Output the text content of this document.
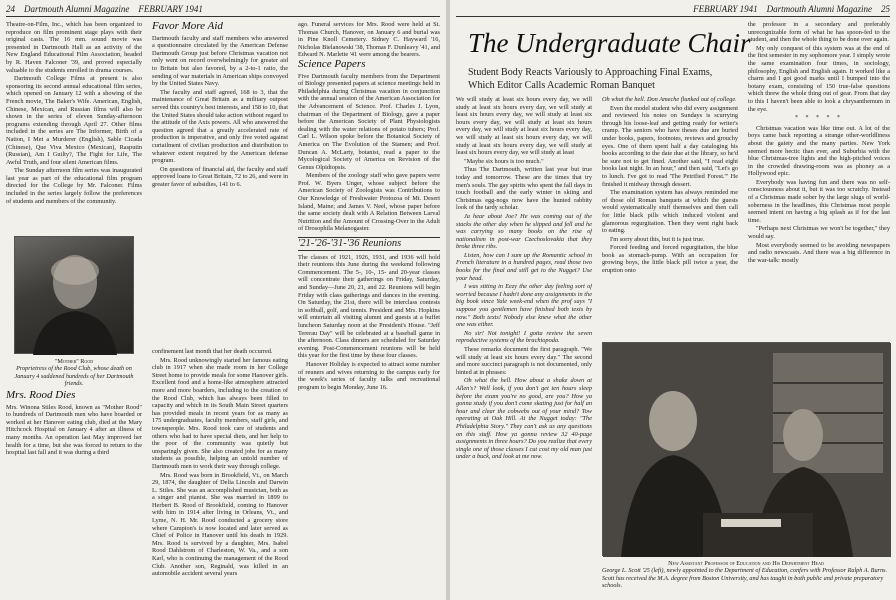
24 Dartmouth Alumni Magazine FEBRUARY 1941

Theatre-on-Film, Inc., which has been organized to reproduce on film prominent stage plays with their original casts. The 16 mm. sound movie was presented in Dartmouth Hall as an activity of the New England Educational Film Association, headed by R. Haven Falconer '39, and proved especially valuable to the students enrolled in drama courses.

Dartmouth College Films at present is also sponsoring its second annual educational film series, which opened on January 12 with a showing of the French movie, The Baker's Wife. American, English, Chinese, Mexican, and Russian films will also be shown in the series of eleven Sunday-afternoon programs extending through April 27. Other films included in the series are The Informer, Birth of a Nation, I Met a Murderer (English), Sable Cicada (Chinese), Que Viva Mexico (Mexican), Rasputin (Russian), Am I Guilty?, The Fight for Life, The Awful Truth, and four silent American films.

The Sunday afternoon film series was inaugurated last year as part of the educational film program directed for the College by Mr. Falconer. Films included in the series largely follow the preferences of students and members of the community.

"Mother" Rood
Proprietress of the Rood Club, whose death on January 4 saddened hundreds of her Dartmouth friends.
Mrs. Rood Dies

Mrs. Winona Stiles Rood, known as "Mother Rood" to hundreds of Dartmouth men who have boarded or worked at her Hanover eating club, died at the Mary Hitchcock Hospital on January 4 after an illness of many months. An operation last May improved her health for a time, but she was forced to return to the hospital last fall and it was during a third

Favor More Aid

Dartmouth faculty and staff members who answered a questionnaire circulated by the American Defense Dartmouth Group just before Christmas vacation not only went on record overwhelmingly for greater aid to Britain but also favored, by a 2-to-1 ratio, the sending of war materials in American ships convoyed by the United States Navy.

The faculty and staff agreed, 168 to 3, that the maintenance of Great Britain as a military outpost served this country's best interests, and 158 to 10, that the United States should take action without regard to the attitude of the Axis powers. All who answered the question agreed that a greatly accelerated rate of production is imperative, and only five voted against curtailment of civilian production and distribution to whatever extent required by the American defense program.

On questions of financial aid, the faculty and staff approved loans to Great Britain, 72 to 26, and were in greater favor of subsidies, 141 to 6.

confinement last month that her death occurred.

Mrs. Rood unknowingly started her famous eating club in 1917 when she made room in her College Street home to provide meals for some Hanover girls. Excellent food and a home-like atmosphere attracted more and more boarders, including to the creation of the Rood Club, which has always been filled to capacity and which in its South Main Street quarters has provided meals in recent years for as many as 175 undergraduates, faculty members, staff girls, and townspeople. Mrs. Rood took care of students and others who had to have special diets, and her help to the poor of the community was quietly but unsparingly given. She also created jobs for as many students as possible, helping an untold number of Dartmouth men to work their way through college.

Mrs. Rood was born in Brookfield, Vt., on March 29, 1874, the daughter of Delia Lincoln and Darwin L. Stiles. She was an accomplished musician, both as a singer and pianist. She was married in 1899 to Herbert B. Rood of Brookfield, coming to Hanover with him in 1914 after living in Orleans, Vt., and Lyme, N. H. Mr. Rood conducted a grocery store where Campion's is now located and later served as Chief of Police in Hanover until his death in 1929. Mrs. Rood is survived by a daughter, Mrs. Isabel Rood Dahlstrom of Charleston, W. Va., and a son Karl, who is continuing the management of the Rood Club. Another son, Reginald, was killed in an automobile accident several years

ago. Funeral services for Mrs. Rood were held at St. Thomas Church, Hanover, on January 6 and burial was in Pine Knoll Cemetery. Sidney C. Hayward '16, Nicholas Bielanowski '38, Thomas F. Dunleavy '41, and Edward N. Marlette '41 were among the bearers.

Science Papers

Five Dartmouth faculty members from the Department of Biology presented papers at science meetings held in Philadelphia during Christmas vacation in conjunction with the annual session of the American Association for the Advancement of Science. Prof. Charles J. Lyon, chairman of the Department of Biology, gave a paper before the American Society of Plant Physiologists dealing with the water relations of potato tubers; Prof. Carl L. Wilson spoke before the Botanical Society of America on The Evolution of the Stamen; and Prof. Duncan A. McLarty, botanist, read a paper to the Mycological Society of America on Revision of the Genus Olpidiopsis.

Members of the zoology staff who gave papers were Prof. W. Byers Unger, whose subject before the American Society of Zoologists was Contributions to Our Knowledge of Freshwater Protozoa of Mt. Desert Island, Maine; and James V. Neel, whose paper before the same society dealt with A Relation Between Larval Nutrition and the Amount of Crossing-Over in the Adult of Drosophila Melanogaster.

'21-'26-'31-'36 Reunions

The classes of 1921, 1926, 1931, and 1936 will hold their reunions this June during the weekend following Commencement. The 5-, 10-, 15- and 20-year classes will concentrate their gatherings on Friday, Saturday, and Sunday—June 20, 21, and 22. Reunions will begin Friday with class gatherings and dances in the evening. On Saturday, the 21st, there will be interclass contests in softball, golf, and tennis. President and Mrs. Hopkins will entertain all visiting alumni and guests at a buffet luncheon Saturday noon at the President's House. "Jeff Tererau Day" will be celebrated at a baseball game in the afternoon. Class dinners are scheduled for Saturday evening. Post-Commencement reunions will be held this year for the first time by these four classes.

Hanover Holiday is expected to attract some number of reuners and wives returning to the campus early for the week's series of faculty talks and recreational program to begin Monday, June 16.

FEBRUARY 1941 Dartmouth Alumni Magazine 25
The Undergraduate Chair
Student Body Reacts Variously to Approaching Final Exams, Which Editor Calls Academic Roman Banquet

We will study at least six hours every day, we will study at least six hours every day, we will study at least six hours every day, we will study at least six hours every day, we will study at least six hours every day, we will study at least six hours every day, we will study at least six hours every day, we will study at least six hours every day, we will study at least six hours every day, we will study at least

"Maybe six hours is too much."

Thus The Dartmouth, written last year but true today and tomorrow. These are the times that try men's souls. The gay spirits who spent the fall days in touch football and the early winter in skiing and Christmas egg-nogs now have the hunted rabbity look of the tardy scholar.

Ja hear about Joe? He was coming out of the stacks the other day when he slipped and fell and he was carrying so many books on the rise of nationalism in post-war Czechoslovakia that they broke three ribs.

Listen, how can I sum up the Romantic school in French literature in a hundred pages, read those two books for the final and still get to the Nugget? Use your head.

I was sitting in Eezy the other day feeling sort of worried because I hadn't done any assignments in the big book since Yale week-end when the prof says "I suppose you gentlemen have finished both texts by now." Both texts! Nobody else knew what the other one was either.

No sir! Not tonight! I gotta review the seven reproductive systems of the brachiopoda.

These remarks document the first paragraph. "We will study at least six hours every day." The second and more succinct paragraph is not documented, only hinted at in phrases:

Oh what the hell. How about a shake down at Allen's? Well look, if you don't get ten hours sleep before the exam you're no good, are you? How ya gonna study if you don't come skating just for half an hour and clear the cobwebs out of your mind? Tow operating at Oak Hill. At the Nugget today: "The Philadelphia Story." They can't ask us any questions on this stuff. How ya gonna review 32 40-page assignments in three hours? Do you realize that every single one of those classes I cut cost my old man just under a buck, and look at me now.

Oh what the hell. Don Ameche flunked out of college.

Even the model student who did every assignment and reviewed his notes on Sundays is scurrying through his loose-leaf and getting ready for writer's cramp. The seniors who have theses due are buried under books, papers, footnotes, reviews and grouchy eyes. One of them spent half a day cataloging his books according to the date due at the library, so he'd be sure not to get fined. Another said, "I read eight books last night. In an hour," and then said, "Let's go to lunch. I've got to read 'The Petrified Forest.'" He finished it midway through dessert.

The examination system has always reminded me of those old Roman banquets at which the guests would systematically stuff themselves and then call for little black pills which induced violent and glamorous regurgitation. Then they went right back to eating.

I'm sorry about this, but it is just true.

Forced feeding and forced regurgitation, the blue book as stomach-pump. With an occupation for growing boys, the little black pill twice a year, the eruption onto

the professor in a secondary and preferably unrecognizable form of what he has spoon-fed to the student, and then the whole thing to be done over again.

My only conquest of this system was at the end of the first semester in my sophomore year. I simply wrote the same examination four times, in sociology, philosophy, English and English again. It worked like a charm and I got good marks until I bumped into the botany exam, consisting of 150 true-false questions which threw the whole thing out of gear. From that day to this I haven't been able to look a chrysanthemum in the eye.

* * * * *

Christmas vacation was like time out. A lot of the boys came back reporting a strange other-worldliness about the gaiety and the many parties. New York seemed more hectic than ever, and Suburbia with the blue Christmas-tree lights and the high-pitched voices in the crowded drawing-room was as phoney as a Hollywood epic.

Everybody was having fun and there was no self-consciousness about it, but it was too scratchy. Instead of a Christmas made sober by the large slugs of world-soberness in the headlines, this Christmas most people seemed intent on having a big splash as if for the last time.

"Perhaps next Christmas we won't be together," they would say.

Most everybody seemed to be avoiding newspapers and radio newscasts. And there was a big difference in the war-talk: mostly

New Assistant Professor of Education and His Department Head
George L. Scott '25 (left), newly appointed to the Department of Education, confers with Professor Ralph A. Burns. Scott has received the M.A. degree from Boston University, and has taught in both public and private preparatory schools.
